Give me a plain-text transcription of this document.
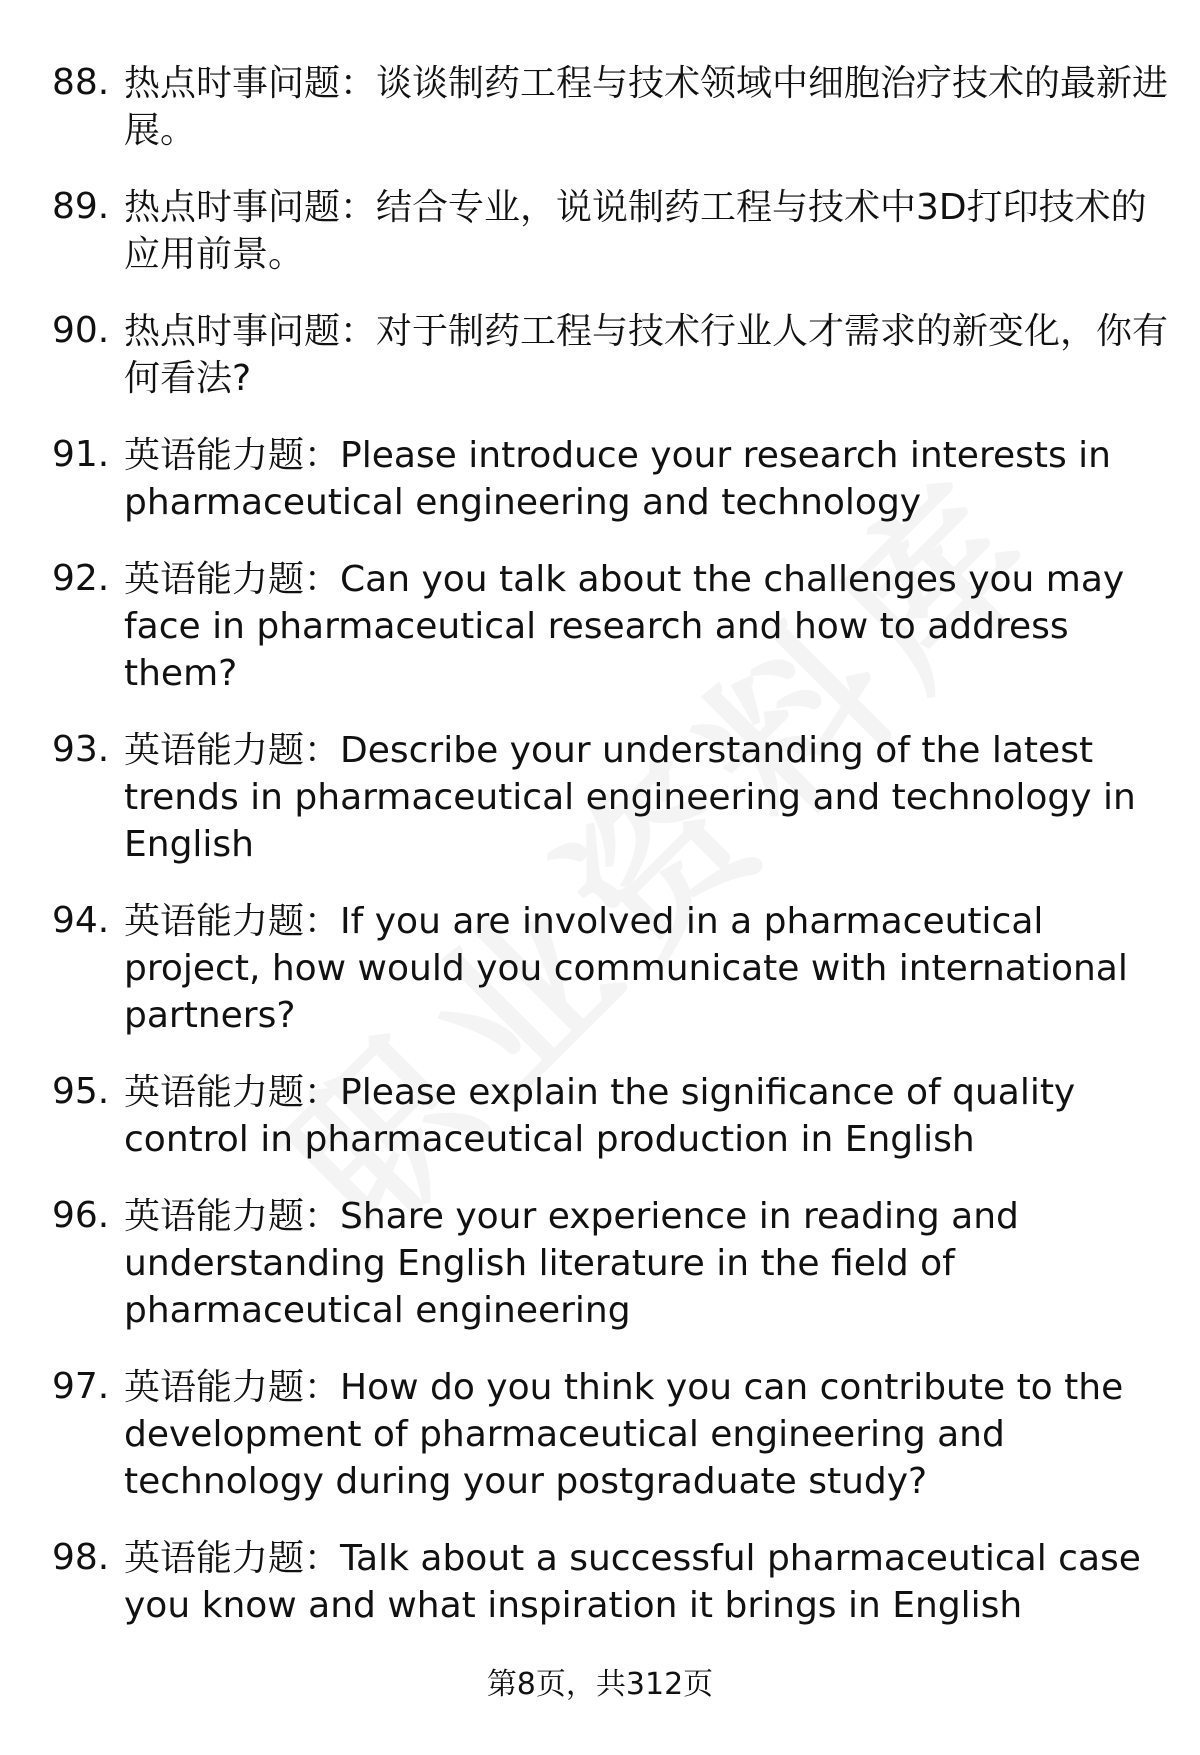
88. 热点时事问题：谈谈制药工程与技术领域中细胞治疗技术的最新进展。
89. 热点时事问题：结合专业，说说制药工程与技术中3D打印技术的应用前景。
90. 热点时事问题：对于制药工程与技术行业人才需求的新变化，你有何看法?
91. 英语能力题：Please introduce your research interests in pharmaceutical engineering and technology
92. 英语能力题：Can you talk about the challenges you may face in pharmaceutical research and how to address them?
93. 英语能力题：Describe your understanding of the latest trends in pharmaceutical engineering and technology in English
94. 英语能力题：If you are involved in a pharmaceutical project, how would you communicate with international partners?
95. 英语能力题：Please explain the significance of quality control in pharmaceutical production in English
96. 英语能力题：Share your experience in reading and understanding English literature in the field of pharmaceutical engineering
97. 英语能力题：How do you think you can contribute to the development of pharmaceutical engineering and technology during your postgraduate study?
98. 英语能力题：Talk about a successful pharmaceutical case you know and what inspiration it brings in English
第8页，共312页
